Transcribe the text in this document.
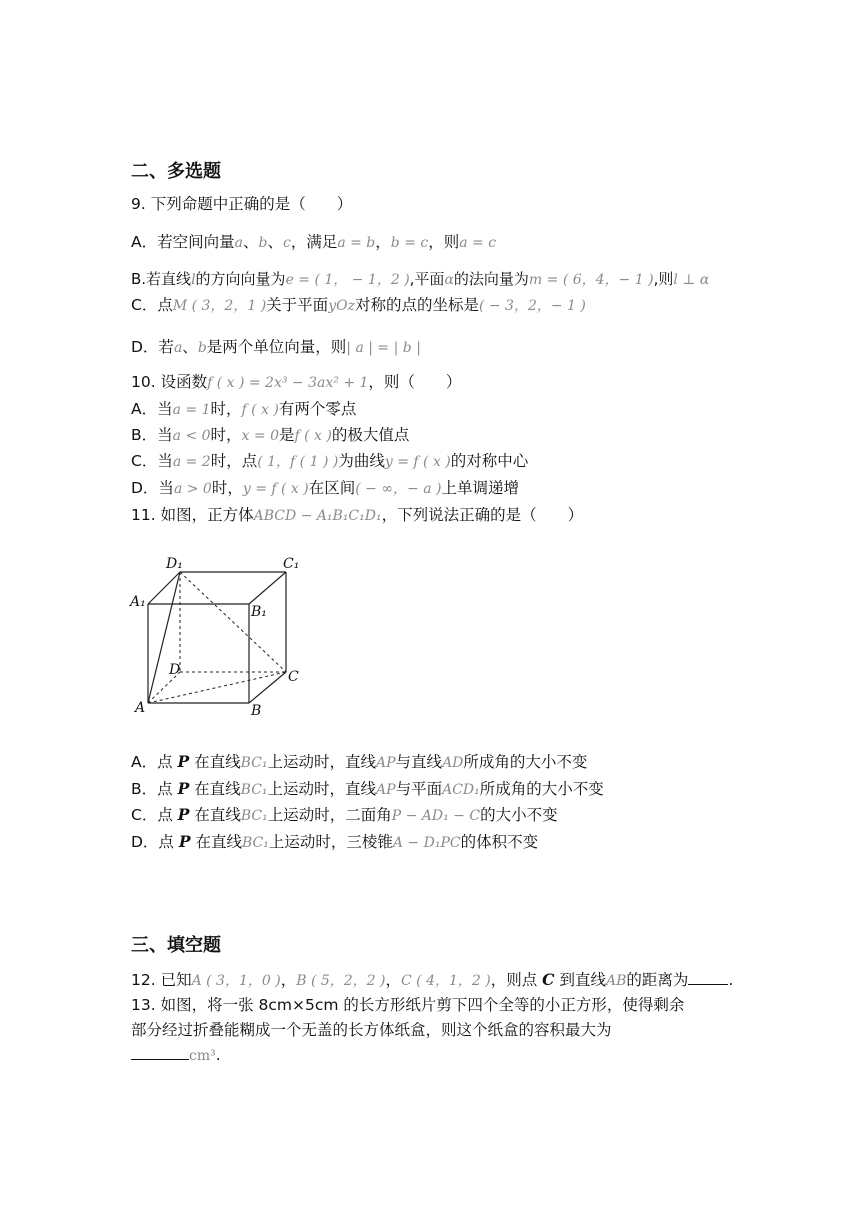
二、多选题
9. 下列命题中正确的是（　　）
A．若空间向量a、b、c，满足a = b，b = c，则a = c
B.若直线l的方向向量为e = ( 1， − 1，2 ),平面α的法向量为m = ( 6，4，− 1 ),则l ⊥ α
C．点M ( 3，2，1 )关于平面yOz对称的点的坐标是( − 3，2，− 1 )
D．若a、b是两个单位向量，则| a | = | b |
10. 设函数f ( x ) = 2x³ − 3ax² + 1，则（　　）
A．当a = 1时，f ( x )有两个零点
B．当a < 0时，x = 0是f ( x )的极大值点
C．当a = 2时，点( 1，f ( 1 ) )为曲线y = f ( x )的对称中心
D．当a > 0时，y = f ( x )在区间( − ∞，− a )上单调递增
11. 如图，正方体ABCD − A₁B₁C₁D₁，下列说法正确的是（　　）
D₁	C₁
A₁
B₁
D	C
A	B
A．点 P 在直线BC₁上运动时，直线AP与直线AD所成角的大小不变
B．点 P 在直线BC₁上运动时，直线AP与平面ACD₁所成角的大小不变
C．点 P 在直线BC₁上运动时，二面角P − AD₁ − C的大小不变
D．点 P 在直线BC₁上运动时，三棱锥A − D₁PC的体积不变
三、填空题
12. 已知A ( 3，1，0 )，B ( 5，2，2 )，C ( 4，1，2 )，则点 C 到直线AB的距离为	.
13. 如图，将一张 8cm×5cm 的长方形纸片剪下四个全等的小正方形，使得剩余
部分经过折叠能糊成一个无盖的长方体纸盒，则这个纸盒的容积最大为
cm³.
